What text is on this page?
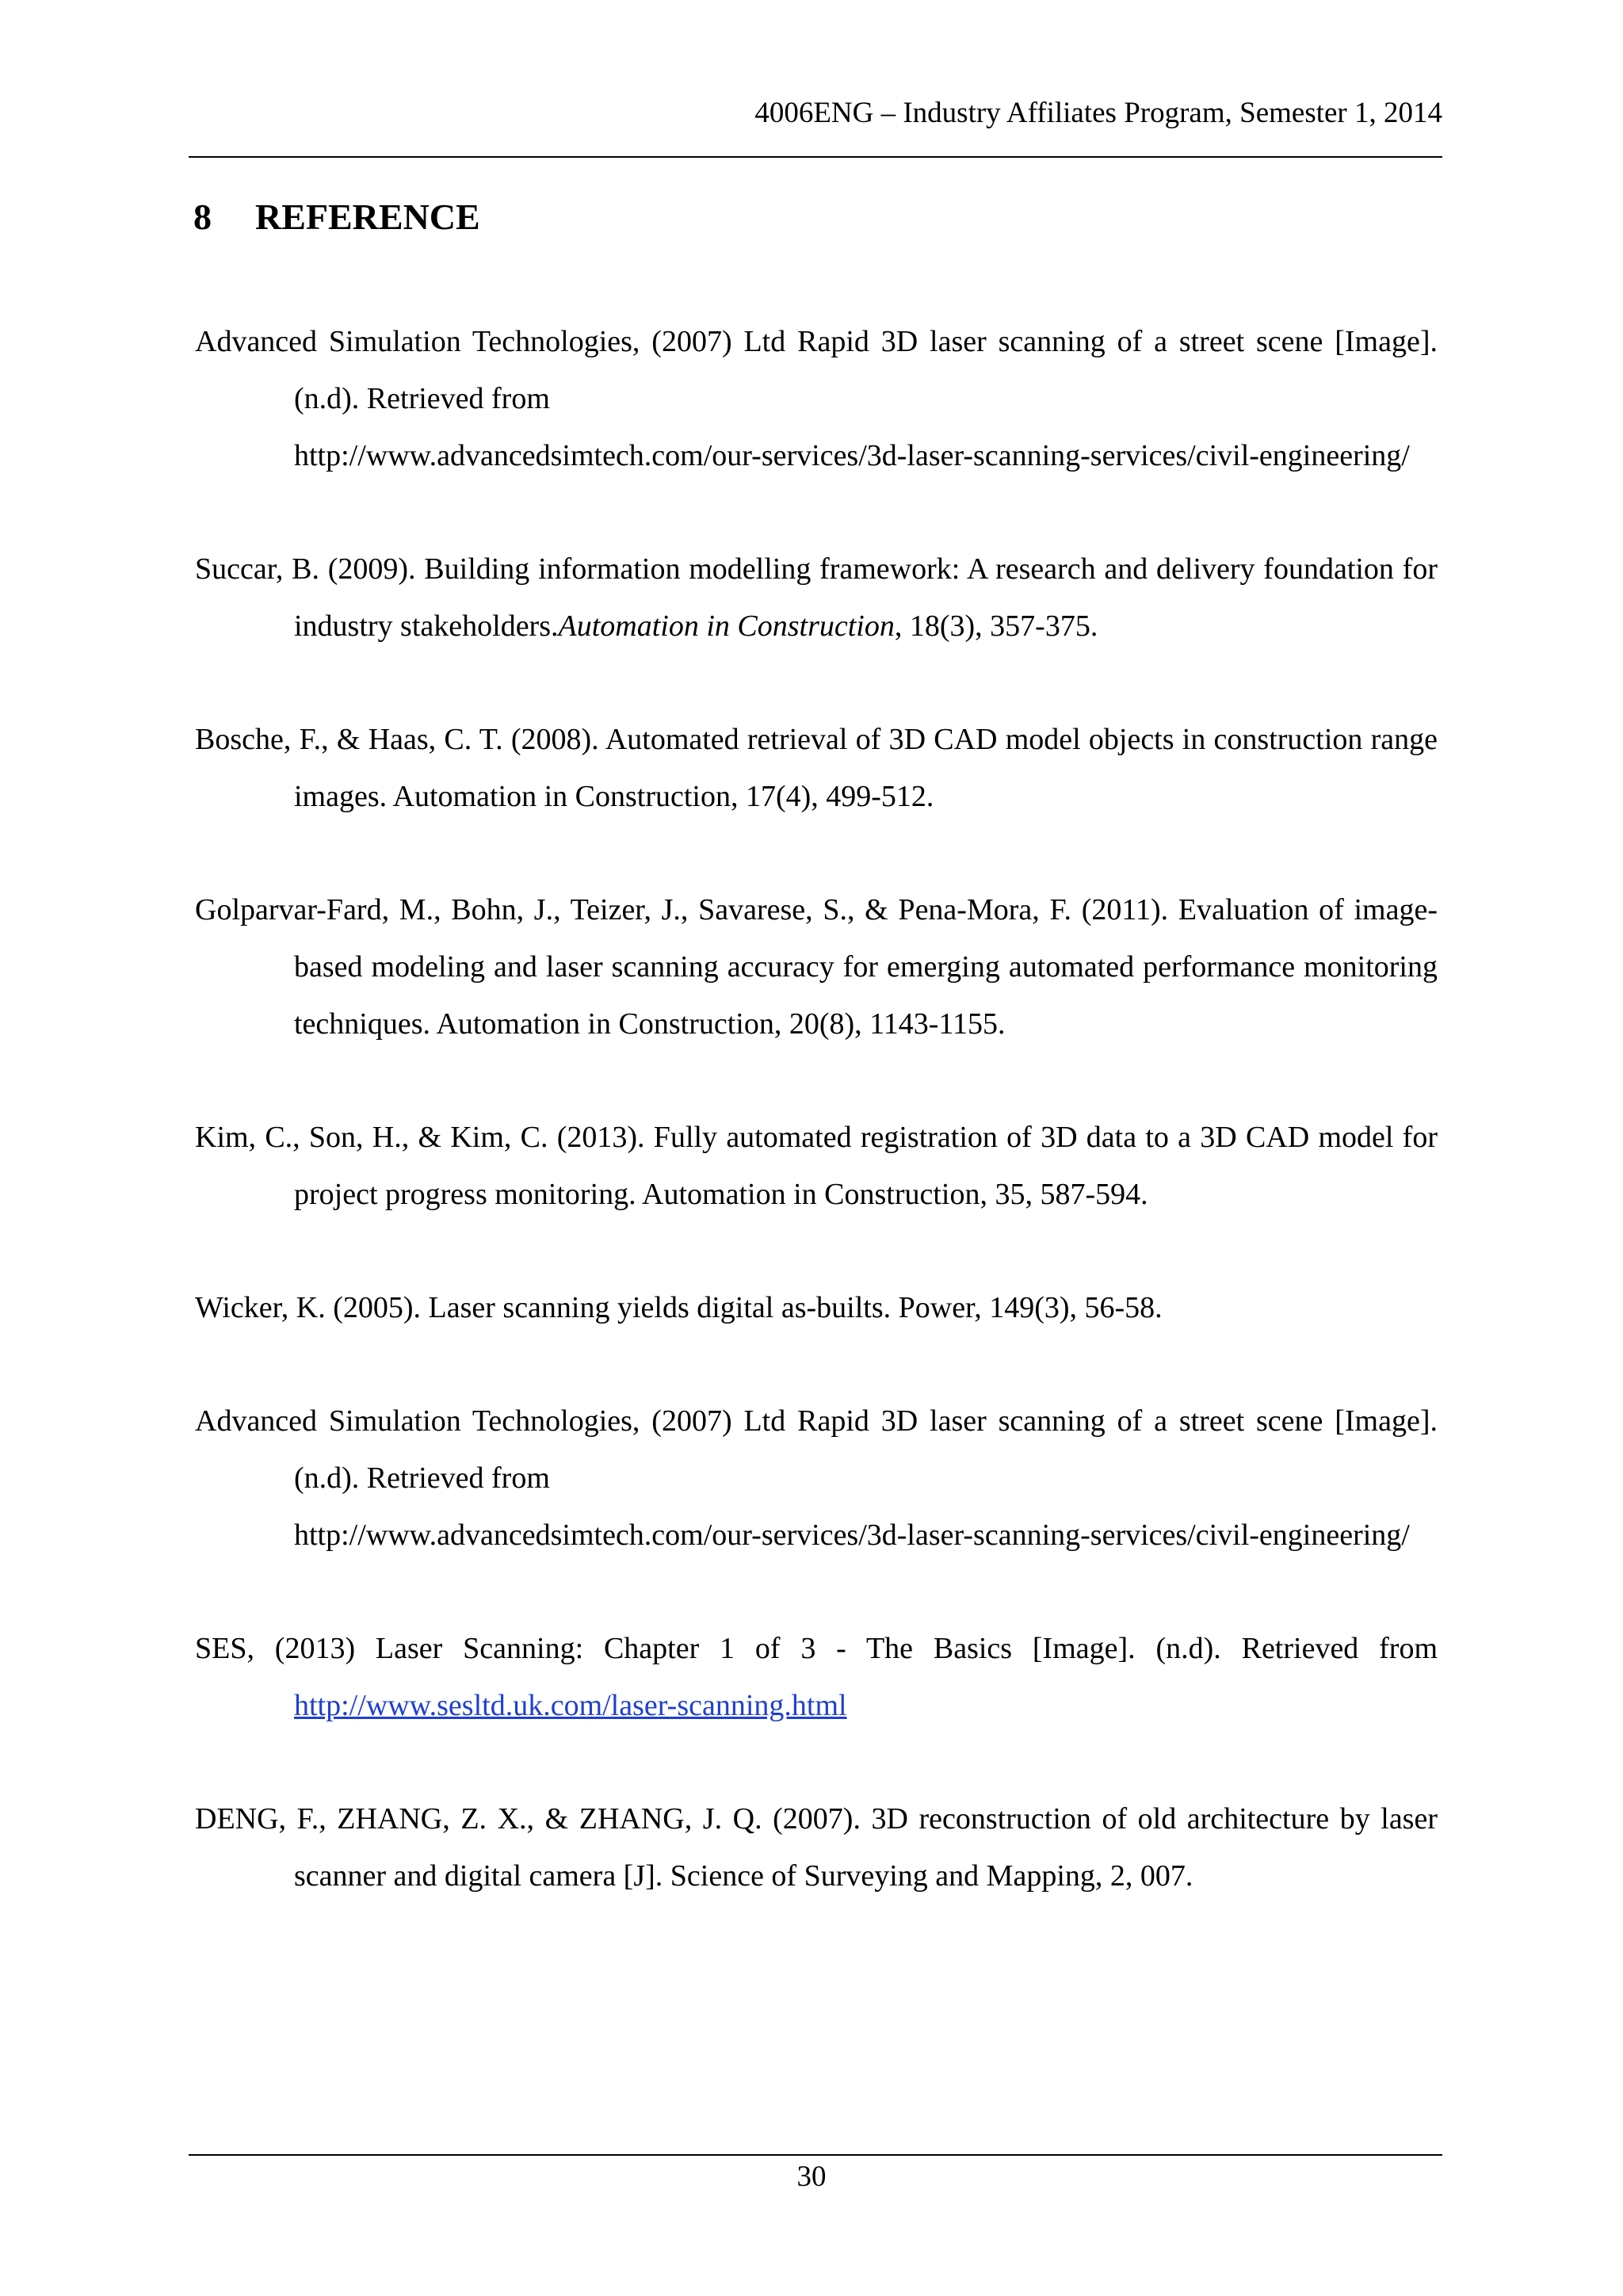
4006ENG – Industry Affiliates Program, Semester 1, 2014
8 REFERENCE
Advanced Simulation Technologies, (2007) Ltd Rapid 3D laser scanning of a street scene [Image]. (n.d). Retrieved from
http://www.advancedsimtech.com/our-services/3d-laser-scanning-services/civil-engineering/
Succar, B. (2009). Building information modelling framework: A research and delivery foundation for industry stakeholders.Automation in Construction, 18(3), 357-375.
Bosche, F., & Haas, C. T. (2008). Automated retrieval of 3D CAD model objects in construction range images. Automation in Construction, 17(4), 499-512.
Golparvar-Fard, M., Bohn, J., Teizer, J., Savarese, S., & Pena-Mora, F. (2011). Evaluation of image-based modeling and laser scanning accuracy for emerging automated performance monitoring techniques. Automation in Construction, 20(8), 1143-1155.
Kim, C., Son, H., & Kim, C. (2013). Fully automated registration of 3D data to a 3D CAD model for project progress monitoring. Automation in Construction, 35, 587-594.
Wicker, K. (2005). Laser scanning yields digital as-builts. Power, 149(3), 56-58.
Advanced Simulation Technologies, (2007) Ltd Rapid 3D laser scanning of a street scene [Image]. (n.d). Retrieved from
http://www.advancedsimtech.com/our-services/3d-laser-scanning-services/civil-engineering/
SES, (2013) Laser Scanning: Chapter 1 of 3 - The Basics [Image]. (n.d). Retrieved from http://www.sesltd.uk.com/laser-scanning.html
DENG, F., ZHANG, Z. X., & ZHANG, J. Q. (2007). 3D reconstruction of old architecture by laser scanner and digital camera [J]. Science of Surveying and Mapping, 2, 007.
30
